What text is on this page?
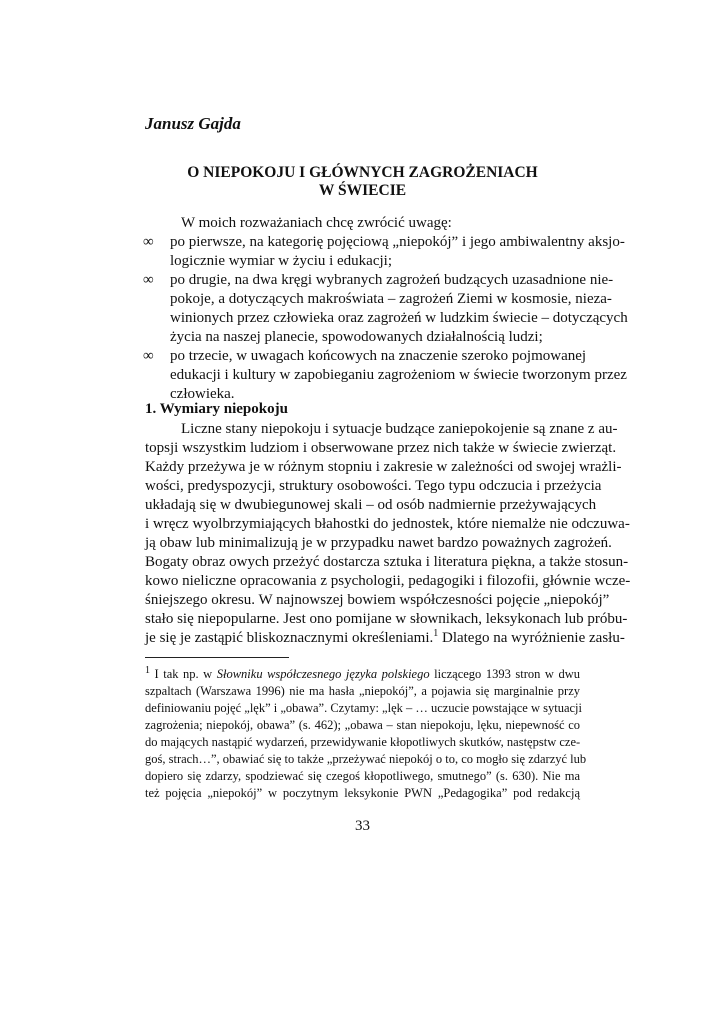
Janusz Gajda

O NIEPOKOJU I GŁÓWNYCH ZAGROŻENIACH

W ŚWIECIE

W moich rozważaniach chcę zwrócić uwagę:

∞ po pierwsze, na kategorię pojęciową „niepokój” i jego ambiwalentny aksjo-

logicznie wymiar w życiu i edukacji;

∞ po drugie, na dwa kręgi wybranych zagrożeń budzących uzasadnione nie-

pokoje, a dotyczących makroświata – zagrożeń Ziemi w kosmosie, nieza-

winionych przez człowieka oraz zagrożeń w ludzkim świecie – dotyczących

życia na naszej planecie, spowodowanych działalnością ludzi;

∞ po trzecie, w uwagach końcowych na znaczenie szeroko pojmowanej

edukacji i kultury w zapobieganiu zagrożeniom w świecie tworzonym przez

człowieka.

1. Wymiary niepokoju

Liczne stany niepokoju i sytuacje budzące zaniepokojenie są znane z au-

topsji wszystkim ludziom i obserwowane przez nich także w świecie zwierząt.

Każdy przeżywa je w różnym stopniu i zakresie w zależności od swojej wrażli-

wości, predyspozycji, struktury osobowości. Tego typu odczucia i przeżycia

układają się w dwubiegunowej skali – od osób nadmiernie przeżywających

i wręcz wyolbrzymiających błahostki do jednostek, które niemalże nie odczuwa-

ją obaw lub minimalizują je w przypadku nawet bardzo poważnych zagrożeń.

Bogaty obraz owych przeżyć dostarcza sztuka i literatura piękna, a także stosun-

kowo nieliczne opracowania z psychologii, pedagogiki i filozofii, głównie wcze-

śniejszego okresu. W najnowszej bowiem współczesności pojęcie „niepokój”

stało się niepopularne. Jest ono pomijane w słownikach, leksykonach lub próbu-

je się je zastąpić bliskoznacznymi określeniami.$^1$ Dlatego na wyróżnienie zasłu-

$^1$ I tak np. w Słowniku współczesnego języka polskiego liczącego 1393 stron w dwu

szpaltach (Warszawa 1996) nie ma hasła „niepokój”, a pojawia się marginalnie przy

definiowaniu pojęć „lęk” i „obawa”. Czytamy: „lęk – … uczucie powstające w sytuacji

zagrożenia; niepokój, obawa” (s. 462); „obawa – stan niepokoju, lęku, niepewność co

do mających nastąpić wydarzeń, przewidywanie kłopotliwych skutków, następstw cze-

goś, strach…”, obawiać się to także „przeżywać niepokój o to, co mogło się zdarzyć lub

dopiero się zdarzy, spodziewać się czegoś kłopotliwego, smutnego” (s. 630). Nie ma

też pojęcia „niepokój” w poczytnym leksykonie PWN „Pedagogika” pod redakcją

33
